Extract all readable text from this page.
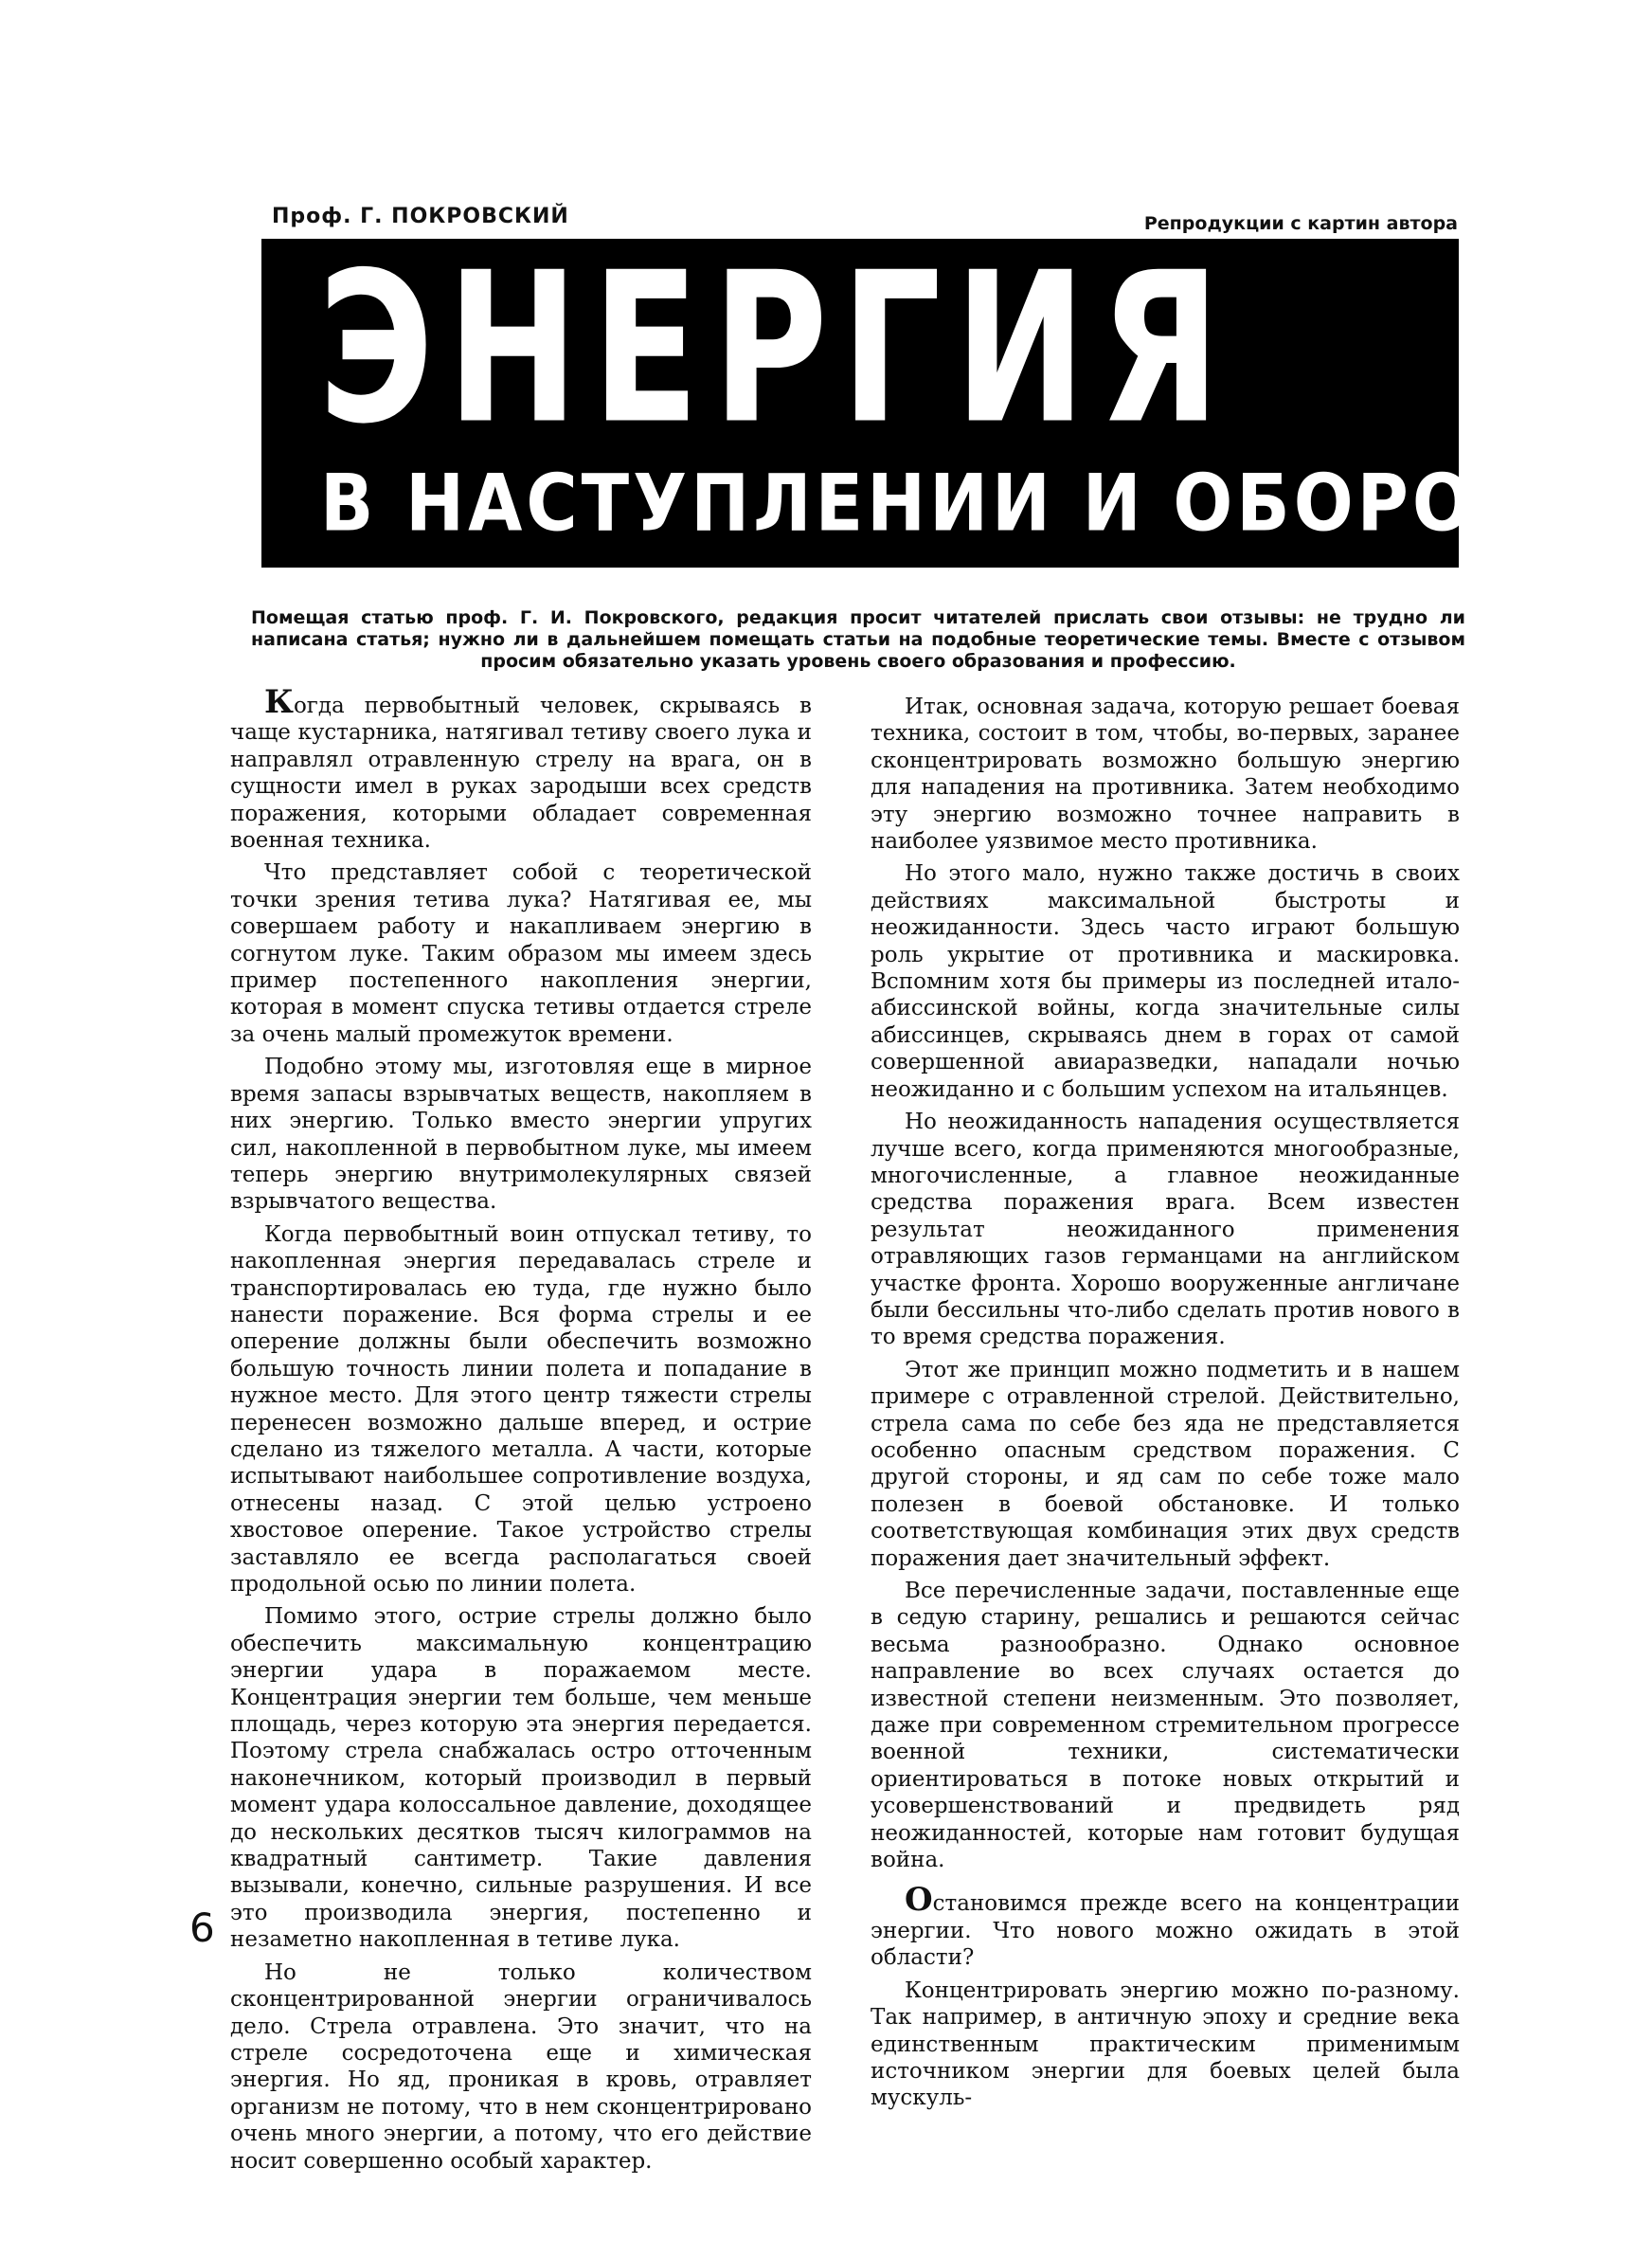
Проф. Г. ПОКРОВСКИЙ	Репродукции с картин автора
ЭНЕРГИЯ
В НАСТУПЛЕНИИ И ОБОРОНЕ
Помещая статью проф. Г. И. Покровского, редакция просит читателей прислать свои отзывы: не трудно ли написана статья; нужно ли в дальнейшем помещать статьи на подобные теоретические темы. Вместе с отзывом просим обязательно указать уровень своего образования и профессию.

Когда первобытный человек, скрываясь в чаще кустарника, натягивал тетиву своего лука и направлял отравленную стрелу на врага, он в сущности имел в руках зародыши всех средств поражения, которыми обладает современная военная техника.

Что представляет собой с теоретической точки зрения тетива лука? Натягивая ее, мы совершаем работу и накапливаем энергию в согнутом луке. Таким образом мы имеем здесь пример постепенного накопления энергии, которая в момент спуска тетивы отдается стреле за очень малый промежуток времени.

Подобно этому мы, изготовляя еще в мирное время запасы взрывчатых веществ, накопляем в них энергию. Только вместо энергии упругих сил, накопленной в первобытном луке, мы имеем теперь энергию внутримолекулярных связей взрывчатого вещества.

Когда первобытный воин отпускал тетиву, то накопленная энергия передавалась стреле и транспортировалась ею туда, где нужно было нанести поражение. Вся форма стрелы и ее оперение должны были обеспечить возможно большую точность линии полета и попадание в нужное место. Для этого центр тяжести стрелы перенесен возможно дальше вперед, и острие сделано из тяжелого металла. А части, которые испытывают наибольшее сопротивление воздуха, отнесены назад. С этой целью устроено хвостовое оперение. Такое устройство стрелы заставляло ее всегда располагаться своей продольной осью по линии полета.

Помимо этого, острие стрелы должно было обеспечить максимальную концентрацию энергии удара в поражаемом месте. Концентрация энергии тем больше, чем меньше площадь, через которую эта энергия передается. Поэтому стрела снабжалась остро отточенным наконечником, который производил в первый момент удара колоссальное давление, доходящее до нескольких десятков тысяч килограммов на квадратный сантиметр. Такие давления вызывали, конечно, сильные разрушения. И все это производила энергия, постепенно и незаметно накопленная в тетиве лука.

Но не только количеством сконцентрированной энергии ограничивалось дело. Стрела отравлена. Это значит, что на стреле сосредоточена еще и химическая энергия. Но яд, проникая в кровь, отравляет организм не потому, что в нем сконцентрировано очень много энергии, а потому, что его действие носит совершенно особый характер.

Итак, основная задача, которую решает боевая техника, состоит в том, чтобы, во-первых, заранее сконцентрировать возможно большую энергию для нападения на противника. Затем необходимо эту энергию возможно точнее направить в наиболее уязвимое место противника.

Но этого мало, нужно также достичь в своих действиях максимальной быстроты и неожиданности. Здесь часто играют большую роль укрытие от противника и маскировка. Вспомним хотя бы примеры из последней итало-абиссинской войны, когда значительные силы абиссинцев, скрываясь днем в горах от самой совершенной авиаразведки, нападали ночью неожиданно и с большим успехом на итальянцев.

Но неожиданность нападения осуществляется лучше всего, когда применяются многообразные, многочисленные, а главное неожиданные средства поражения врага. Всем известен результат неожиданного применения отравляющих газов германцами на английском участке фронта. Хорошо вооруженные англичане были бессильны что-либо сделать против нового в то время средства поражения.

Этот же принцип можно подметить и в нашем примере с отравленной стрелой. Действительно, стрела сама по себе без яда не представляется особенно опасным средством поражения. С другой стороны, и яд сам по себе тоже мало полезен в боевой обстановке. И только соответствующая комбинация этих двух средств поражения дает значительный эффект.

Все перечисленные задачи, поставленные еще в седую старину, решались и решаются сейчас весьма разнообразно. Однако основное направление во всех случаях остается до известной степени неизменным. Это позволяет, даже при современном стремительном прогрессе военной техники, систематически ориентироваться в потоке новых открытий и усовершенствований и предвидеть ряд неожиданностей, которые нам готовит будущая война.

Остановимся прежде всего на концентрации энергии. Что нового можно ожидать в этой области?

Концентрировать энергию можно по-разному. Так например, в античную эпоху и средние века единственным практическим применимым источником энергии для боевых целей была мускуль-

6
